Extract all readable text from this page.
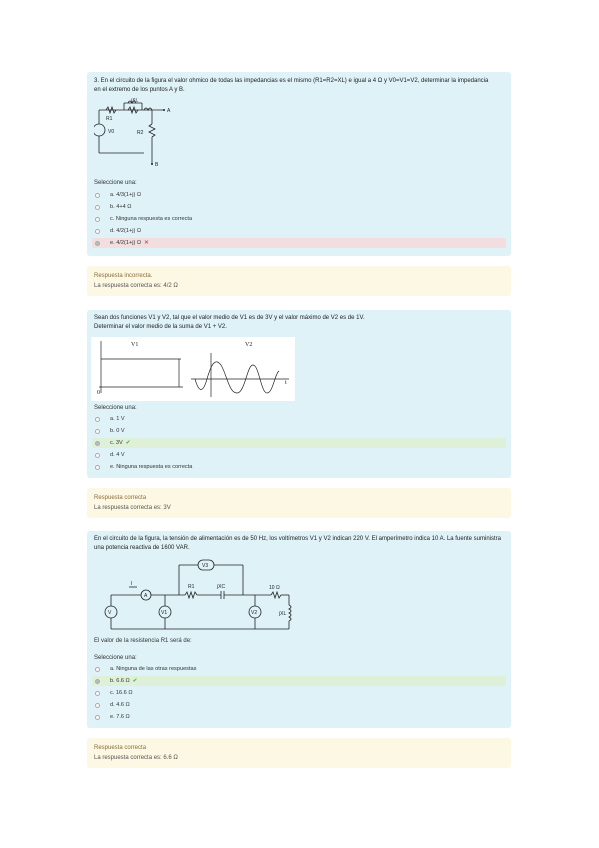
3. En el circuito de la figura el valor ohmico de todas las impedancias es el mismo (R1=R2=XL) e igual a 4 Ω y V0=V1=V2, determinar la impedancia
en el extremo de los puntos A y B.
R1
jXL
V0	R2
A
B
Seleccione una:
a. 4/3(1+j) Ω
b. 4+4 Ω
c. Ninguna respuesta es correcta
d. 4/2(1+j) Ω
e. 4/2(1+j) Ω ✕
Respuesta incorrecta.
La respuesta correcta es: 4/2 Ω
Sean dos funciones V1 y V2, tal que el valor medio de V1 es de 3V y el valor máximo de V2 es de 1V.
Determinar el valor medio de la suma de V1 + V2.
V1	V2
0
t
Seleccione una:
a. 1 V
b. 0 V
c. 3V ✔
d. 4 V
e. Ninguna respuesta es correcta
Respuesta correcta
La respuesta correcta es: 3V
En el circuito de la figura, la tensión de alimentación es de 50 Hz, los voltímetros V1 y V2 indican 220 V. El amperímetro indica 10 A. La fuente suministra
una potencia reactiva de 1600 VAR.
V
A
V1	V2
V3
R1	jXC	10 Ω
jXL
I
El valor de la resistencia R1 será de:
Seleccione una:
a. Ninguna de las otras respuestas
b. 6.6 Ω ✔
c. 16.6 Ω
d. 4.6 Ω
e. 7.6 Ω
Respuesta correcta
La respuesta correcta es: 6.6 Ω
